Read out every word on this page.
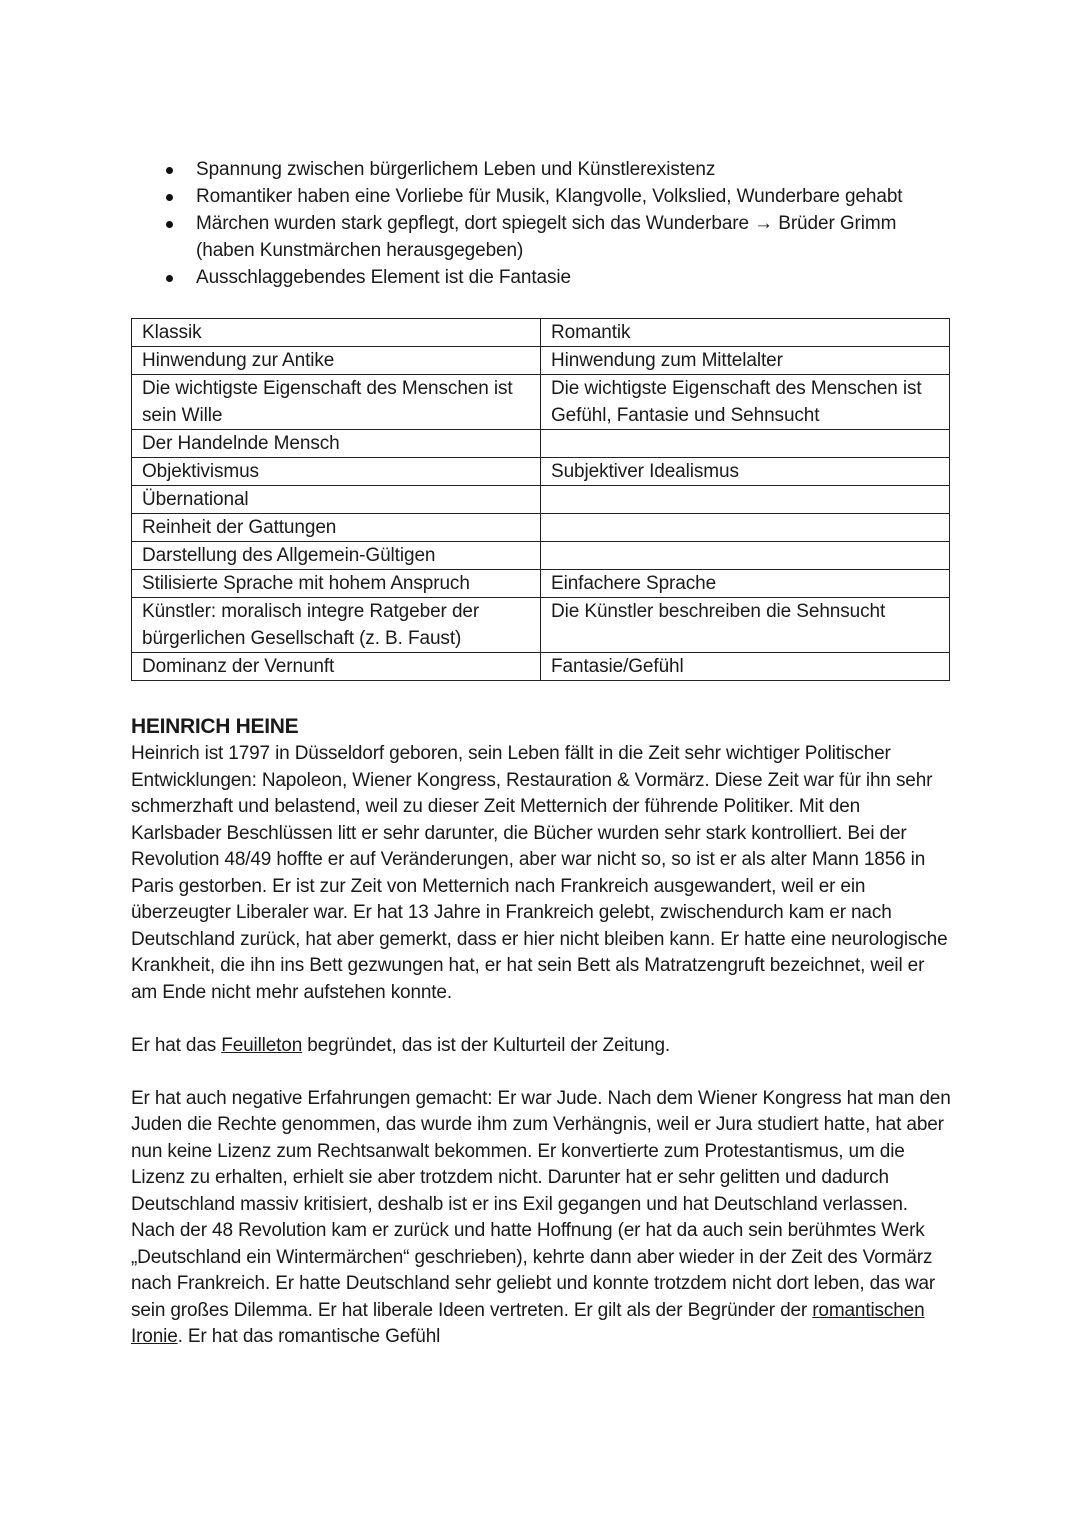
Spannung zwischen bürgerlichem Leben und Künstlerexistenz
Romantiker haben eine Vorliebe für Musik, Klangvolle, Volkslied, Wunderbare gehabt
Märchen wurden stark gepflegt, dort spiegelt sich das Wunderbare → Brüder Grimm (haben Kunstmärchen herausgegeben)
Ausschlaggebendes Element ist die Fantasie
Klassik	Romantik
Hinwendung zur Antike	Hinwendung zum Mittelalter
Die wichtigste Eigenschaft des Menschen ist sein Wille	Die wichtigste Eigenschaft des Menschen ist Gefühl, Fantasie und Sehnsucht
Der Handelnde Mensch	
Objektivismus	Subjektiver Idealismus
Übernational	
Reinheit der Gattungen	
Darstellung des Allgemein-Gültigen	
Stilisierte Sprache mit hohem Anspruch	Einfachere Sprache
Künstler: moralisch integre Ratgeber der bürgerlichen Gesellschaft (z. B. Faust)	Die Künstler beschreiben die Sehnsucht
Dominanz der Vernunft	Fantasie/Gefühl
HEINRICH HEINE

Heinrich ist 1797 in Düsseldorf geboren, sein Leben fällt in die Zeit sehr wichtiger Politischer Entwicklungen: Napoleon, Wiener Kongress, Restauration & Vormärz. Diese Zeit war für ihn sehr schmerzhaft und belastend, weil zu dieser Zeit Metternich der führende Politiker. Mit den Karlsbader Beschlüssen litt er sehr darunter, die Bücher wurden sehr stark kontrolliert. Bei der Revolution 48/49 hoffte er auf Veränderungen, aber war nicht so, so ist er als alter Mann 1856 in Paris gestorben. Er ist zur Zeit von Metternich nach Frankreich ausgewandert, weil er ein überzeugter Liberaler war. Er hat 13 Jahre in Frankreich gelebt, zwischendurch kam er nach Deutschland zurück, hat aber gemerkt, dass er hier nicht bleiben kann. Er hatte eine neurologische Krankheit, die ihn ins Bett gezwungen hat, er hat sein Bett als Matratzengruft bezeichnet, weil er am Ende nicht mehr aufstehen konnte.

Er hat das Feuilleton begründet, das ist der Kulturteil der Zeitung.

Er hat auch negative Erfahrungen gemacht: Er war Jude. Nach dem Wiener Kongress hat man den Juden die Rechte genommen, das wurde ihm zum Verhängnis, weil er Jura studiert hatte, hat aber nun keine Lizenz zum Rechtsanwalt bekommen. Er konvertierte zum Protestantismus, um die Lizenz zu erhalten, erhielt sie aber trotzdem nicht. Darunter hat er sehr gelitten und dadurch Deutschland massiv kritisiert, deshalb ist er ins Exil gegangen und hat Deutschland verlassen. Nach der 48 Revolution kam er zurück und hatte Hoffnung (er hat da auch sein berühmtes Werk „Deutschland ein Wintermärchen“ geschrieben), kehrte dann aber wieder in der Zeit des Vormärz nach Frankreich. Er hatte Deutschland sehr geliebt und konnte trotzdem nicht dort leben, das war sein großes Dilemma. Er hat liberale Ideen vertreten. Er gilt als der Begründer der romantischen Ironie. Er hat das romantische Gefühl
